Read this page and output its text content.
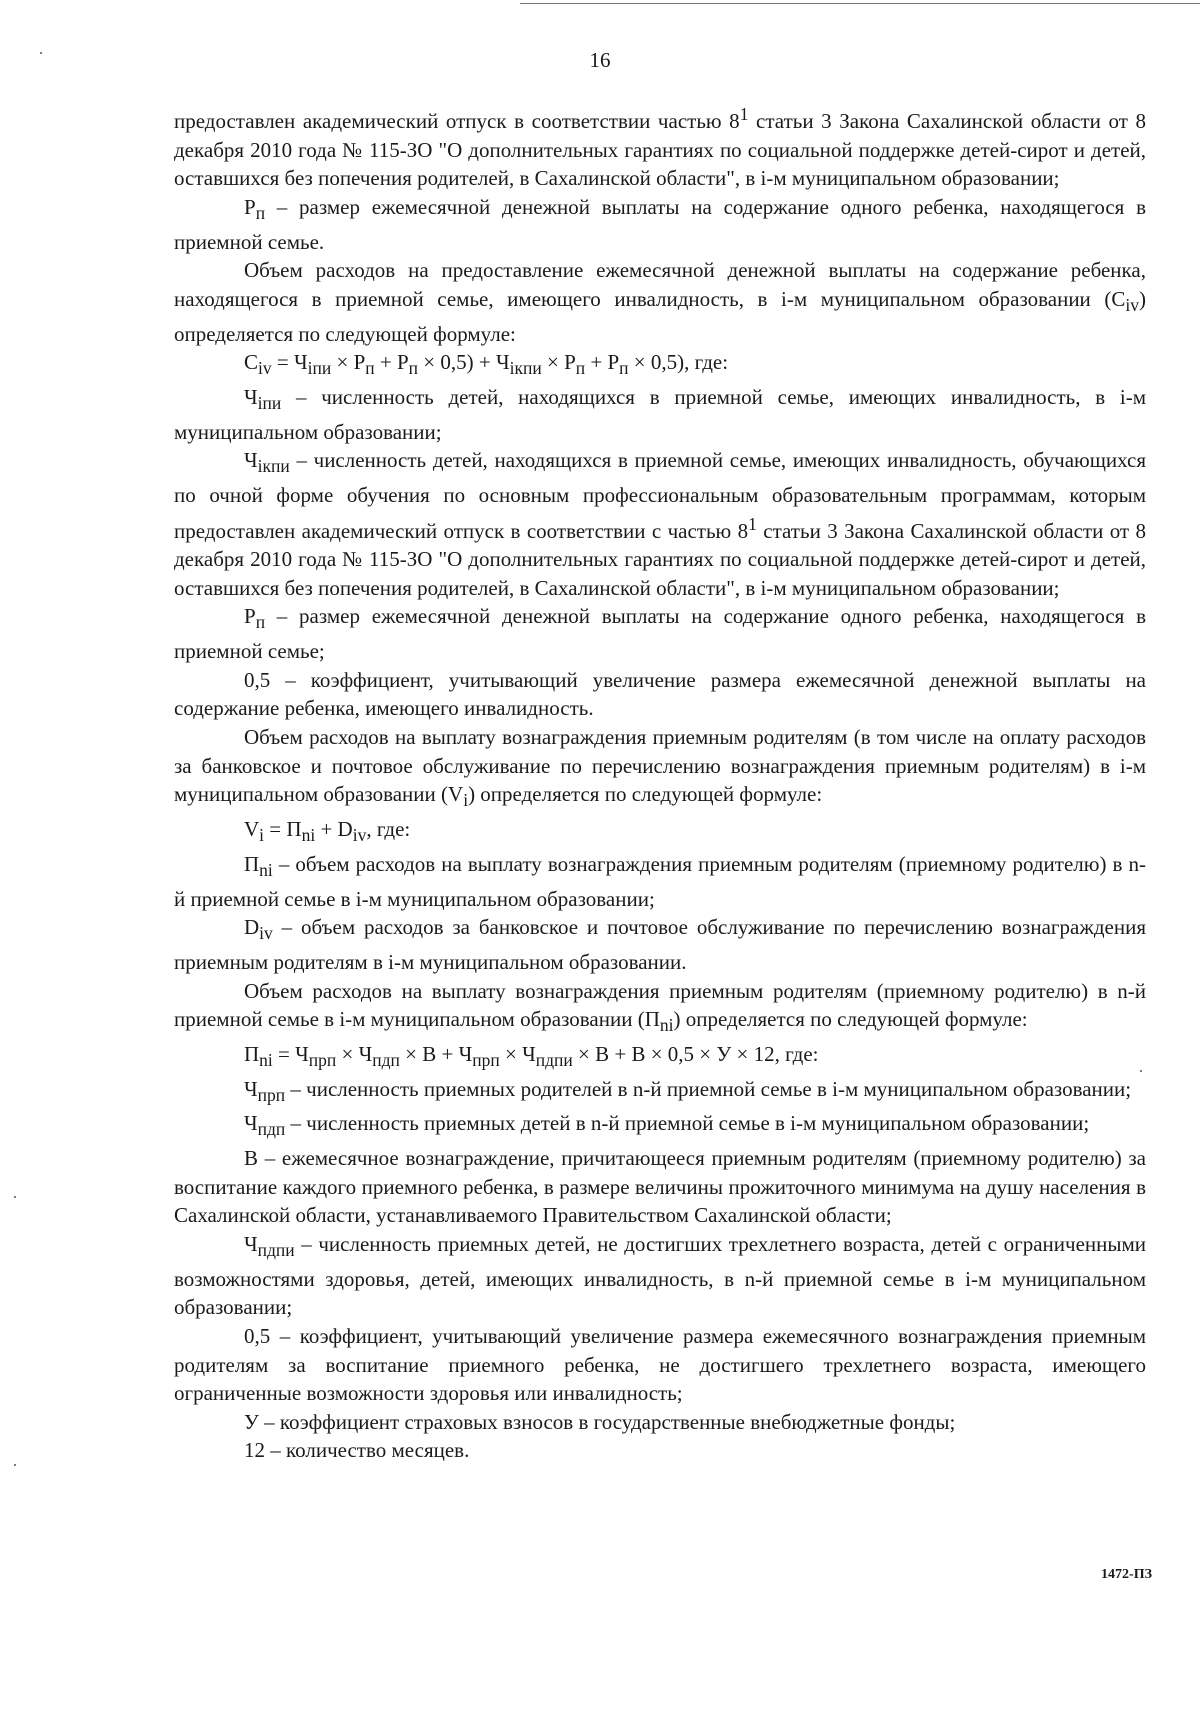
16

предоставлен академический отпуск в соответствии частью $8^1$ статьи 3 Закона Сахалинской области от 8 декабря 2010 года № 115-ЗО "О дополнительных гарантиях по социальной поддержке детей-сирот и детей, оставшихся без попечения родителей, в Сахалинской области", в i-м муниципальном образовании;

$Р_п$ – размер ежемесячной денежной выплаты на содержание одного ребенка, находящегося в приемной семье.

Объем расходов на предоставление ежемесячной денежной выплаты на содержание ребенка, находящегося в приемной семье, имеющего инвалидность, в i-м муниципальном образовании $(С_{iv})$ определяется по следующей формуле:

$С_{iv} = Ч_{iпи} \times Р_п + Р_п \times 0,5) + Ч_{iкпи} \times Р_п + Р_п \times 0,5$), где:

$Ч_{iпи}$ – численность детей, находящихся в приемной семье, имеющих инвалидность, в i-м муниципальном образовании;

$Ч_{iкпи}$ – численность детей, находящихся в приемной семье, имеющих инвалидность, обучающихся по очной форме обучения по основным профессиональным образовательным программам, которым предоставлен академический отпуск в соответствии с частью $8^1$ статьи 3 Закона Сахалинской области от 8 декабря 2010 года № 115-ЗО "О дополнительных гарантиях по социальной поддержке детей-сирот и детей, оставшихся без попечения родителей, в Сахалинской области", в i-м муниципальном образовании;

$Р_п$ – размер ежемесячной денежной выплаты на содержание одного ребенка, находящегося в приемной семье;

0,5 – коэффициент, учитывающий увеличение размера ежемесячной денежной выплаты на содержание ребенка, имеющего инвалидность.

Объем расходов на выплату вознаграждения приемным родителям (в том числе на оплату расходов за банковское и почтовое обслуживание по перечислению вознаграждения приемным родителям) в i-м муниципальном образовании $(V_i)$ определяется по следующей формуле:

$V_i = П_{ni} + D_{iv}$, где:

$П_{ni}$ – объем расходов на выплату вознаграждения приемным родителям (приемному родителю) в n-й приемной семье в i-м муниципальном образовании;

$D_{iv}$ – объем расходов за банковское и почтовое обслуживание по перечислению вознаграждения приемным родителям в i-м муниципальном образовании.

Объем расходов на выплату вознаграждения приемным родителям (приемному родителю) в n-й приемной семье в i-м муниципальном образовании $(П_{ni})$ определяется по следующей формуле:

$П_{ni} = Ч_{прп} \times Ч_{пдп} \times В + Ч_{прп} \times Ч_{пдпи} \times В + В \times 0,5 \times У \times 12$, где:

$Ч_{прп}$ – численность приемных родителей в n-й приемной семье в i-м муниципальном образовании;

$Ч_{пдп}$ – численность приемных детей в n-й приемной семье в i-м муниципальном образовании;

В – ежемесячное вознаграждение, причитающееся приемным родителям (приемному родителю) за воспитание каждого приемного ребенка, в размере величины прожиточного минимума на душу населения в Сахалинской области, устанавливаемого Правительством Сахалинской области;

$Ч_{пдпи}$ – численность приемных детей, не достигших трехлетнего возраста, детей с ограниченными возможностями здоровья, детей, имеющих инвалидность, в n-й приемной семье в i-м муниципальном образовании;

0,5 – коэффициент, учитывающий увеличение размера ежемесячного вознаграждения приемным родителям за воспитание приемного ребенка, не достигшего трехлетнего возраста, имеющего ограниченные возможности здоровья или инвалидность;

У – коэффициент страховых взносов в государственные внебюджетные фонды;

12 – количество месяцев.

1472-ПЗ
